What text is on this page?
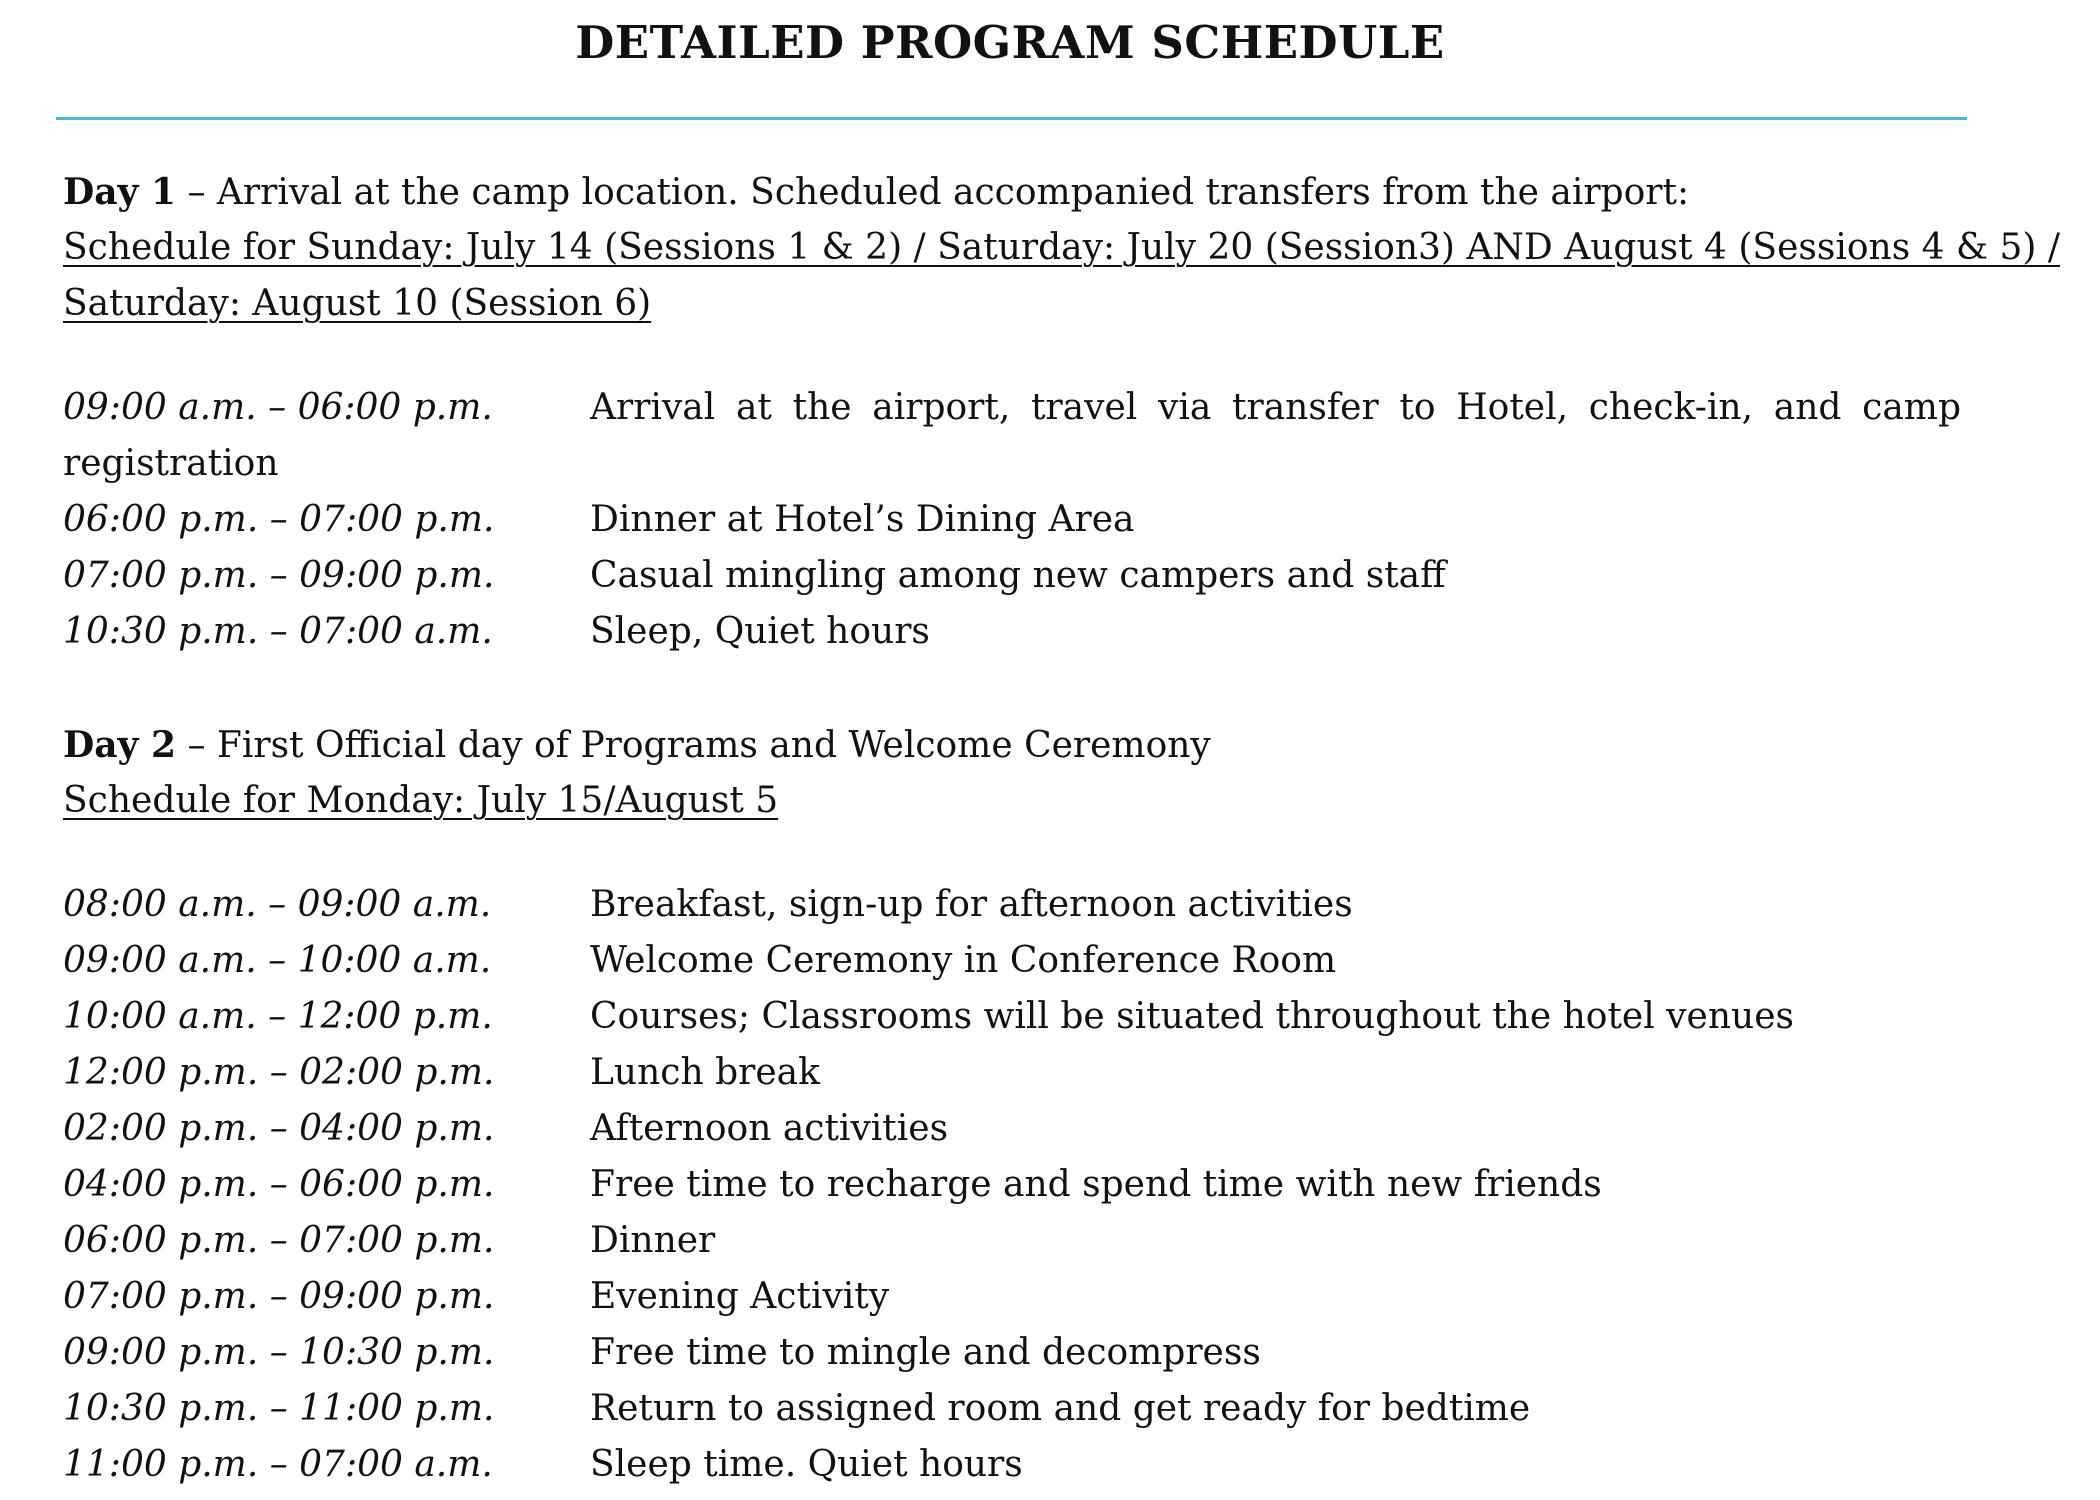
DETAILED PROGRAM SCHEDULE
Day 1 – Arrival at the camp location. Scheduled accompanied transfers from the airport:
Schedule for Sunday: July 14 (Sessions 1 & 2) / Saturday: July 20 (Session3) AND August 4 (Sessions 4 & 5) /
Saturday: August 10 (Session 6)
09:00 a.m. – 06:00 p.m.	Arrival at the airport, travel via transfer to Hotel, check-in, and camp
registration
06:00 p.m. – 07:00 p.m.	Dinner at Hotel’s Dining Area
07:00 p.m. – 09:00 p.m.	Casual mingling among new campers and staff
10:30 p.m. – 07:00 a.m.	Sleep, Quiet hours
Day 2 – First Official day of Programs and Welcome Ceremony
Schedule for Monday: July 15/August 5
08:00 a.m. – 09:00 a.m.	Breakfast, sign-up for afternoon activities
09:00 a.m. – 10:00 a.m.	Welcome Ceremony in Conference Room
10:00 a.m. – 12:00 p.m.	Courses; Classrooms will be situated throughout the hotel venues
12:00 p.m. – 02:00 p.m.	Lunch break
02:00 p.m. – 04:00 p.m.	Afternoon activities
04:00 p.m. – 06:00 p.m.	Free time to recharge and spend time with new friends
06:00 p.m. – 07:00 p.m.	Dinner
07:00 p.m. – 09:00 p.m.	Evening Activity
09:00 p.m. – 10:30 p.m.	Free time to mingle and decompress
10:30 p.m. – 11:00 p.m.	Return to assigned room and get ready for bedtime
11:00 p.m. – 07:00 a.m.	Sleep time. Quiet hours
